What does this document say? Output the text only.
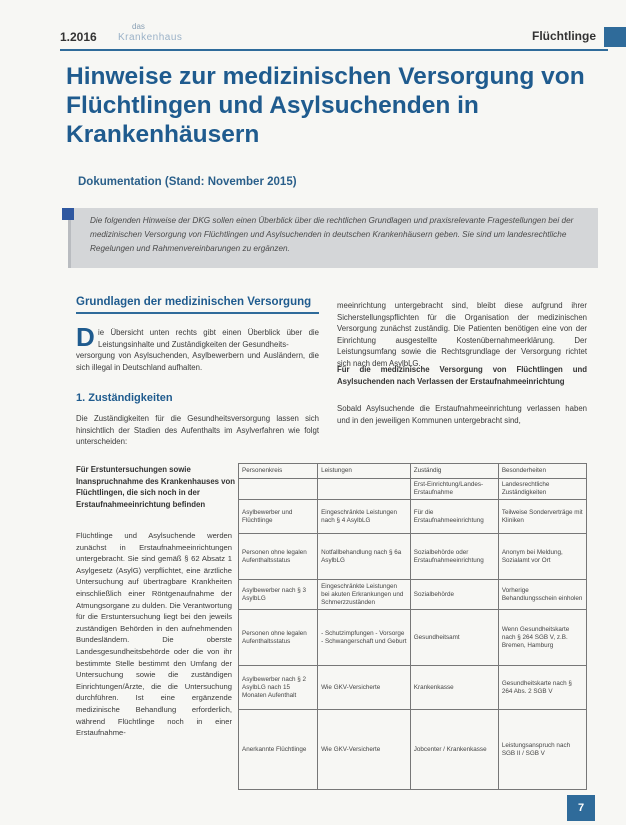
1.2016
das
Krankenhaus	Flüchtlinge
Hinweise zur medizinischen Versorgung von Flüchtlingen und Asylsuchenden in Krankenhäusern
Dokumentation (Stand: November 2015)
Die folgenden Hinweise der DKG sollen einen Überblick über die rechtlichen Grundlagen und praxisrelevante Fragestellungen bei der medizinischen Versorgung von Flüchtlingen und Asylsuchenden in deutschen Krankenhäusern geben. Sie sind um landesrechtliche Regelungen und Rahmenvereinbarungen zu ergänzen.
Grundlagen der medizinischen Versorgung
D ie Übersicht unten rechts gibt einen Überblick über die Leistungsinhalte und Zuständigkeiten der Gesundheits-
versorgung von Asylsuchenden, Asylbewerbern und Ausländern, die sich illegal in Deutschland aufhalten.
1. Zuständigkeiten
Die Zuständigkeiten für die Gesundheitsversorgung lassen sich hinsichtlich der Stadien des Aufenthalts im Asylverfahren wie folgt unterscheiden:
Für Erstuntersuchungen sowie Inanspruchnahme des Krankenhauses von Flüchtlingen, die sich noch in der Erstaufnahmeeinrichtung befinden
Flüchtlinge und Asylsuchende werden zunächst in Erstaufnahmeeinrichtungen untergebracht. Sie sind gemäß § 62 Absatz 1 Asylgesetz (AsylG) verpflichtet, eine ärztliche Untersuchung auf übertragbare Krankheiten einschließlich einer Röntgenaufnahme der Atmungsorgane zu dulden. Die Verantwortung für die Erstuntersuchung liegt bei den jeweils zuständigen Behörden in den aufnehmenden Bundesländern. Die oberste Landesgesundheitsbehörde oder die von ihr bestimmte Stelle bestimmt den Umfang der Untersuchung sowie die zuständigen Einrichtungen/Ärzte, die die Untersuchung durchführen. Ist eine ergänzende medizinische Behandlung erforderlich, während Flüchtlinge noch in einer Erstaufnahme-
meeinrichtung untergebracht sind, bleibt diese aufgrund ihrer Sicherstellungspflichten für die Organisation der medizinischen Versorgung zunächst zuständig. Die Patienten benötigen eine von der Einrichtung ausgestellte Kostenübernahmeerklärung. Der Leistungsumfang sowie die Rechtsgrundlage der Versorgung richtet sich nach dem AsylbLG.
Für die medizinische Versorgung von Flüchtlingen und Asylsuchenden nach Verlassen der Erstaufnahmeeinrichtung
Sobald Asylsuchende die Erstaufnahmeeinrichtung verlassen haben und in den jeweiligen Kommunen untergebracht sind,
Personenkreis	Leistungen	Zuständig	Besonderheiten
		Erst-Einrichtung/Landes-Erstaufnahme	Landesrechtliche Zuständigkeiten
Asylbewerber und Flüchtlinge	Eingeschränkte Leistungen nach § 4 AsylbLG	Für die Erstaufnahmeeinrichtung	Teilweise Sonderverträge mit Kliniken
Personen ohne legalen Aufenthaltsstatus	Notfallbehandlung nach § 6a AsylbLG	Sozialbehörde oder Erstaufnahmeeinrichtung	Anonym bei Meldung, Sozialamt vor Ort
Asylbewerber nach § 3 AsylbLG	Eingeschränkte Leistungen bei akuten Erkrankungen und Schmerzzuständen	Sozialbehörde	Vorherige Behandlungsschein einholen
Personen ohne legalen Aufenthaltsstatus	- Schutzimpfungen - Vorsorge - Schwangerschaft und Geburt	Gesundheitsamt	Wenn Gesundheitskarte nach § 264 SGB V, z.B. Bremen, Hamburg
Asylbewerber nach § 2 AsylbLG nach 15 Monaten Aufenthalt	Wie GKV-Versicherte	Krankenkasse	Gesundheitskarte nach § 264 Abs. 2 SGB V
Anerkannte Flüchtlinge	Wie GKV-Versicherte	Jobcenter / Krankenkasse	Leistungsanspruch nach SGB II / SGB V
7
